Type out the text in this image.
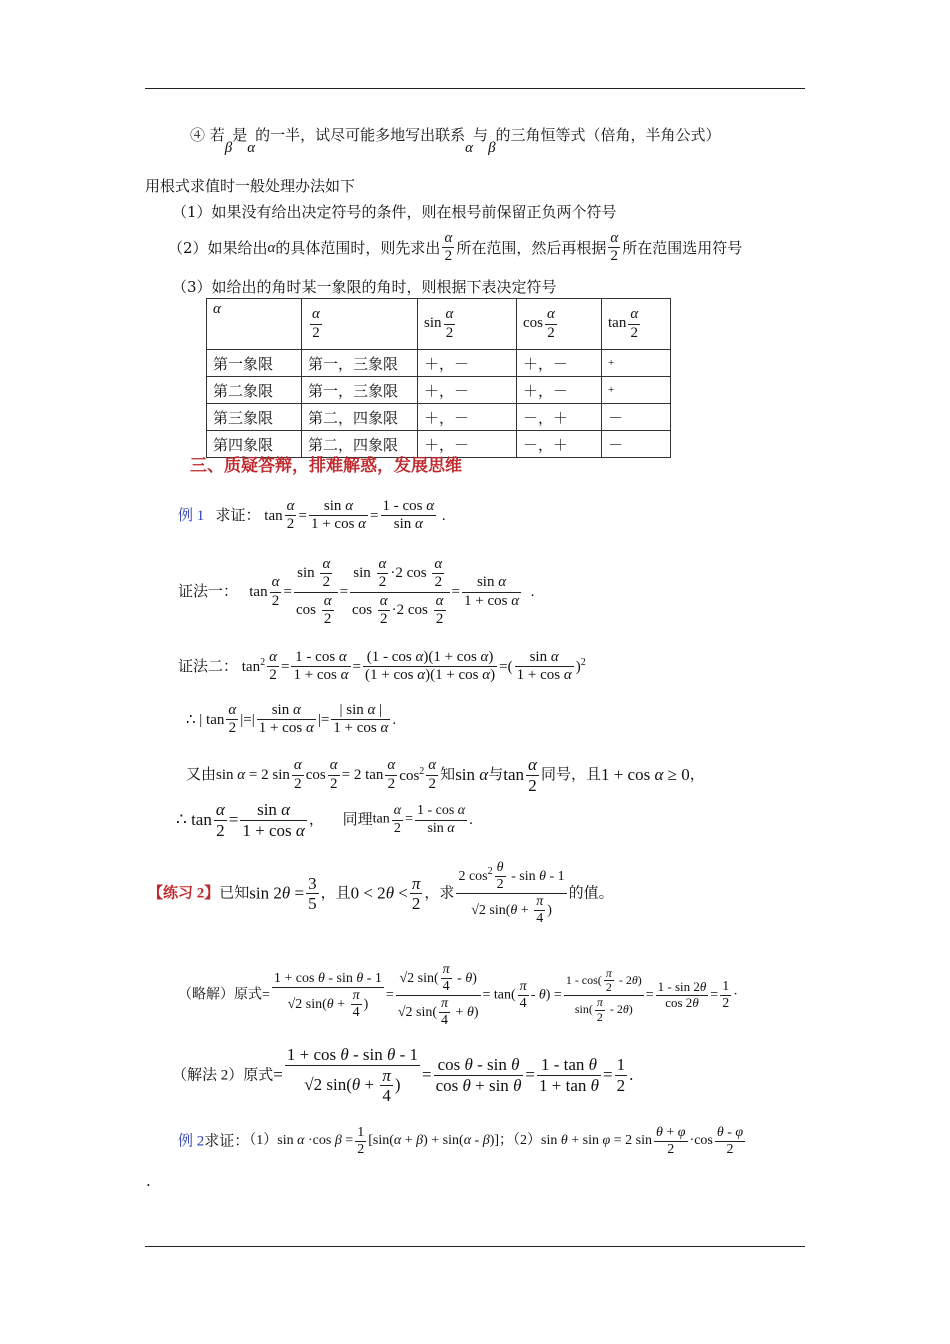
④ 若β是α的一半，试尽可能多地写出联系α与β的三角恒等式（倍角，半角公式）
用根式求值时一般处理办法如下
（1）如果没有给出决定符号的条件，则在根号前保留正负两个符号
（2）如果给出α的具体范围时，则先求出 $\frac{\alpha}{2}$ 所在范围，然后再根据 $\frac{\alpha}{2}$ 所在范围选用符号
（3）如给出的角时某一象限的角时，则根据下表决定符号
α	$\frac{\alpha}{2}$	$\sin \frac{\alpha}{2}$	$\cos \frac{\alpha}{2}$	$\tan \frac{\alpha}{2}$

第一象限	第一，三象限	＋，－	＋，－	+
第二象限	第一，三象限	＋，－	＋，－	+
第三象限	第二，四象限	＋，－	－，＋	－
第四象限	第二，四象限	＋，－	－，＋	－
三、质疑答辩，排难解惑，发展思维
例 1 求证： $\tan \frac{\alpha}{2} = \frac{\text{sin α}}{\text{1 + cos α}} = \frac{\text{1 - cos α}}{\text{sin α}}$ .
证法一：   $\tan \frac{\alpha}{2} = \frac{\sin \frac{\alpha}{2}}{\cos \frac{\alpha}{2}} = \frac{\sin \frac{\alpha}{2} \cdot 2 \cos \frac{\alpha}{2}}{\cos \frac{\alpha}{2} \cdot 2 \cos \frac{\alpha}{2}} = \frac{\text{sin α}}{\text{1 + cos α}}$ .
证法二： $\tan^2 \frac{\alpha}{2} = \frac{\text{1 - cos α}}{\text{1 + cos α}} = \frac{\text{(1 - cos α)(1 + cos α)}}{\text{(1 + cos α)(1 + cos α)}}$ =( $\frac{\text{sin α}}{\text{1 + cos α}} )^2$
∴ | $\tan \frac{\alpha}{2}$ |=| $\frac{\text{sin α}}{\text{1 + cos α}}$ |= $\frac{\text{| sin α |}}{\text{1 + cos α}}$ .
又由sin α = 2 $\sin \frac{\alpha}{2}$ $\cos \frac{\alpha}{2} = 2$ $\tan \frac{\alpha}{2} \cos^2 \frac{\alpha}{2}$ 知sin α与$\tan \frac{\alpha}{2}$ 同号，且1 + cos α ≥ 0，
∴ $\tan \frac{\alpha}{2} = \frac{\text{sin α}}{\text{1 + cos α}}$ ，     同理$\tan \frac{\alpha}{2} = \frac{\text{1 - cos α}}{\text{sin α}}$ .
【练习 2】已知$\sin 2\theta = \frac{3}{5}$ ，且$0 < 2\theta < \frac{\pi}{2}$ ，求 $\frac{2 \cos^2 \frac{\theta}{2} - \sin \theta - 1}{√2 \sin(\theta + \frac{\pi}{4} )}$ 的值。
（略解）原式= $\frac{\text{1 + cos θ - sin θ - 1}}{√2 \sin(\theta + \frac{\pi}{4} )} = \frac{√2 \sin( \frac{\pi}{4} - \theta)}{√2 \sin( \frac{\pi}{4} + \theta)} = \tan( \frac{\pi}{4} - \theta) = \frac{1 - \cos( \frac{\pi}{2} - 2\theta)}{\sin( \frac{\pi}{2} - 2\theta)} = \frac{1 - \sin 2\theta}{\cos 2\theta} = \frac{1}{2}$ ·
（解法 2）原式= $\frac{\text{1 + cos θ - sin θ - 1}}{√2 \sin(\theta + \frac{\pi}{4} )} = \frac{\text{cos θ - sin θ}}{\text{cos θ + sin θ}} = \frac{\text{1 - tan θ}}{\text{1 + tan θ}} = \frac{1}{2}$ .
例 2求证：（1）sin α ·cos $\beta = \frac{1}{2} [\sin(\alpha + \beta) + \sin(\alpha - \beta)]$；（2）sin θ + sin φ = 2 $\sin \frac{\theta + \varphi}{2} \cdot\cos \frac{\theta - \varphi}{2}$
.
